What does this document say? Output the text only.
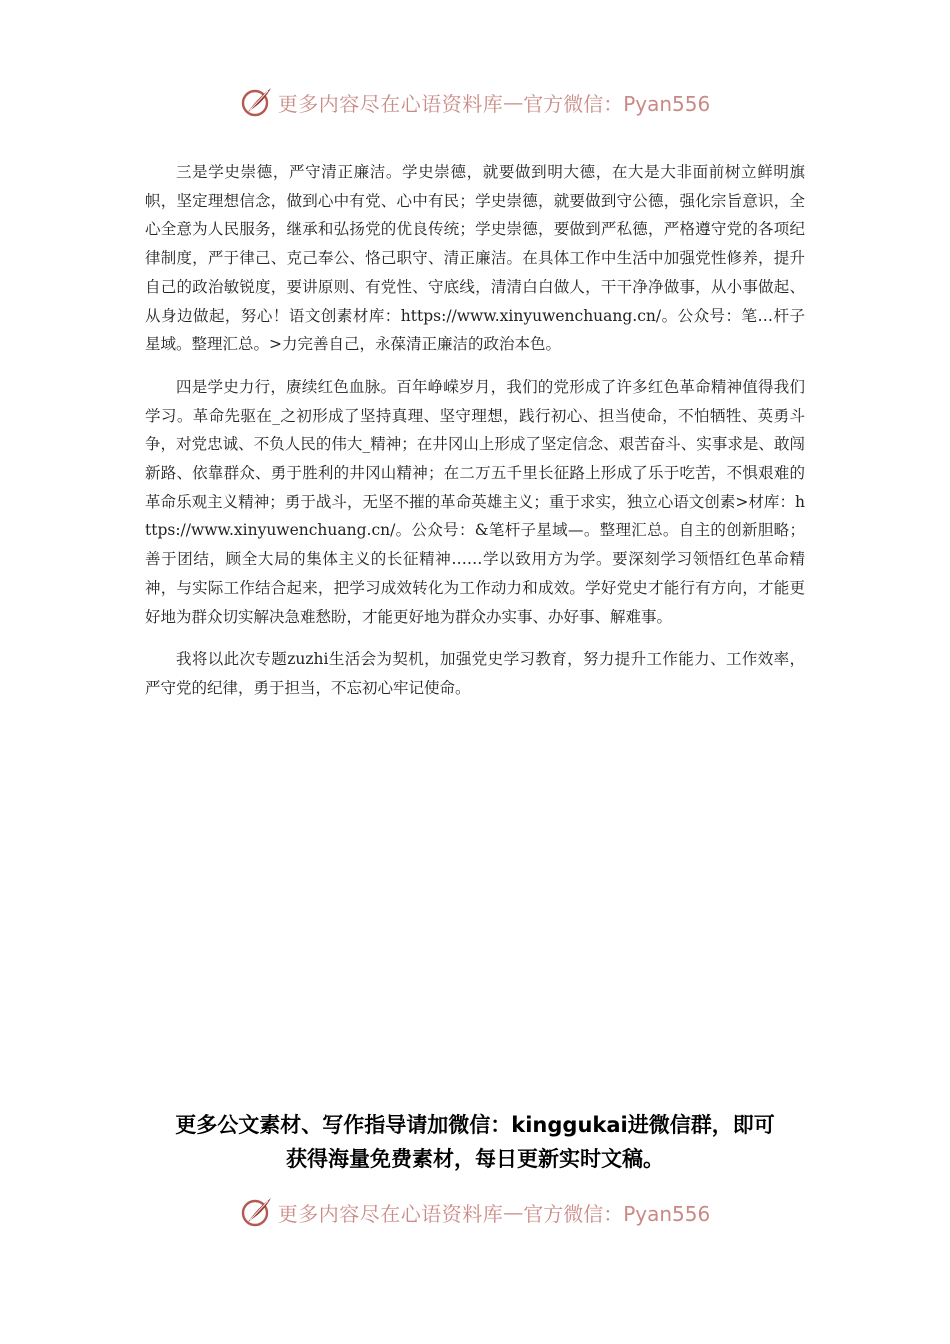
更多内容尽在心语资料库 — 官方微信：Pyan556

三是学史崇德，严守清正廉洁。学史崇德，就要做到明大德，在大是大非面前树立鲜明旗帜，坚定理想信念，做到心中有党、心中有民；学史崇德，就要做到守公德，强化宗旨意识，全心全意为人民服务，继承和弘扬党的优良传统；学史崇德，要做到严私德，严格遵守党的各项纪律制度，严于律己、克己奉公、恪己职守、清正廉洁。在具体工作中生活中加强党性修养，提升自己的政治敏锐度，要讲原则、有党性、守底线，清清白白做人，干干净净做事，从小事做起、从身边做起，努心！语文创素材库：https://www.xinyuwenchuang.cn/。公众号：笔…杆子星域。整理汇总。>力完善自己，永葆清正廉洁的政治本色。

四是学史力行，赓续红色血脉。百年峥嵘岁月，我们的党形成了许多红色革命精神值得我们学习。革命先驱在_之初形成了坚持真理、坚守理想，践行初心、担当使命，不怕牺牲、英勇斗争，对党忠诚、不负人民的伟大_精神；在井冈山上形成了坚定信念、艰苦奋斗、实事求是、敢闯新路、依靠群众、勇于胜利的井冈山精神；在二万五千里长征路上形成了乐于吃苦，不惧艰难的革命乐观主义精神；勇于战斗，无坚不摧的革命英雄主义；重于求实，独立心语文创素>材库：https://www.xinyuwenchuang.cn/。公众号：&笔杆子星域—。整理汇总。自主的创新胆略；善于团结，顾全大局的集体主义的长征精神……学以致用方为学。要深刻学习领悟红色革命精神，与实际工作结合起来，把学习成效转化为工作动力和成效。学好党史才能行有方向，才能更好地为群众切实解决急难愁盼，才能更好地为群众办实事、办好事、解难事。

我将以此次专题zuzhi生活会为契机，加强党史学习教育，努力提升工作能力、工作效率，严守党的纪律，勇于担当，不忘初心牢记使命。

更多公文素材、写作指导请加微信：kinggukai进微信群，即可
获得海量免费素材，每日更新实时文稿。
更多内容尽在心语资料库 — 官方微信：Pyan556
